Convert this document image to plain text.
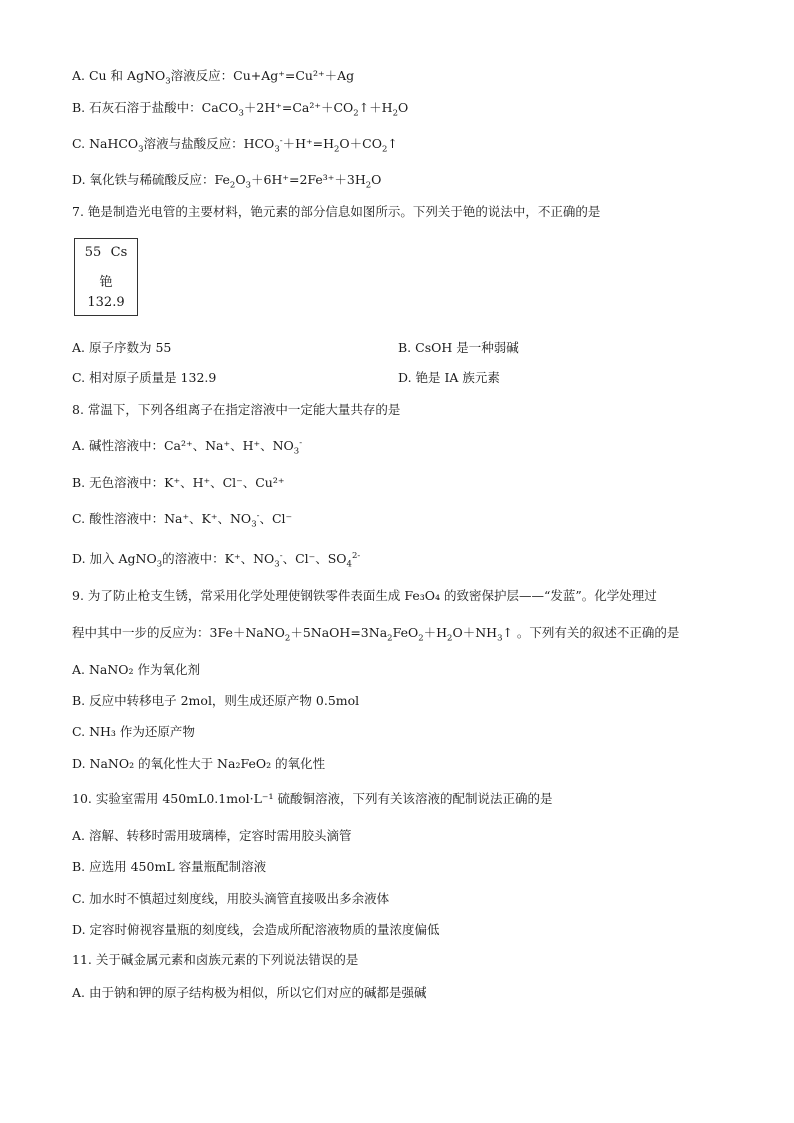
A. Cu 和 AgNO$_3$溶液反应：Cu+Ag⁺=Cu²⁺＋Ag
B. 石灰石溶于盐酸中：$CaCO_3+2H^+=Ca^{2+}+CO_2↑+H_2O$
C. NaHCO$_3$溶液与盐酸反应：$HCO_3^-+H^+=H_2O+CO_2↑$
D. 氧化铁与稀硫酸反应：$Fe_2O_3+6H^+=2Fe^{3+}+3H_2O$
7. 铯是制造光电管的主要材料，铯元素的部分信息如图所示。下列关于铯的说法中，不正确的是
55 Cs
铯
132.9
A. 原子序数为 55	B. CsOH 是一种弱碱
C. 相对原子质量是 132.9	D. 铯是 IA 族元素
8. 常温下，下列各组离子在指定溶液中一定能大量共存的是
A. 碱性溶液中：Ca²⁺、Na⁺、H⁺、$NO_3^-$
B. 无色溶液中：K⁺、H⁺、Cl⁻、Cu²⁺
C. 酸性溶液中：Na⁺、K⁺、$NO_3^-$、Cl⁻
D. 加入 AgNO$_3$的溶液中：K⁺、$NO_3^-$、Cl⁻、$SO_4^{2-}$
9. 为了防止枪支生锈，常采用化学处理使钢铁零件表面生成 Fe₃O₄ 的致密保护层——“发蓝”。化学处理过
程中其中一步的反应为：$3Fe+NaNO_2+5NaOH=3Na_2FeO_2+H_2O+NH_3↑$ 。下列有关的叙述不正确的是
A. NaNO₂ 作为氧化剂
B. 反应中转移电子 2mol，则生成还原产物 0.5mol
C. NH₃ 作为还原产物
D. NaNO₂ 的氧化性大于 Na₂FeO₂ 的氧化性
10. 实验室需用 450mL0.1mol·L⁻¹ 硫酸铜溶液，下列有关该溶液的配制说法正确的是
A. 溶解、转移时需用玻璃棒，定容时需用胶头滴管
B. 应选用 450mL 容量瓶配制溶液
C. 加水时不慎超过刻度线，用胶头滴管直接吸出多余液体
D. 定容时俯视容量瓶的刻度线，会造成所配溶液物质的量浓度偏低
11. 关于碱金属元素和卤族元素的下列说法错误的是
A. 由于钠和钾的原子结构极为相似，所以它们对应的碱都是强碱
